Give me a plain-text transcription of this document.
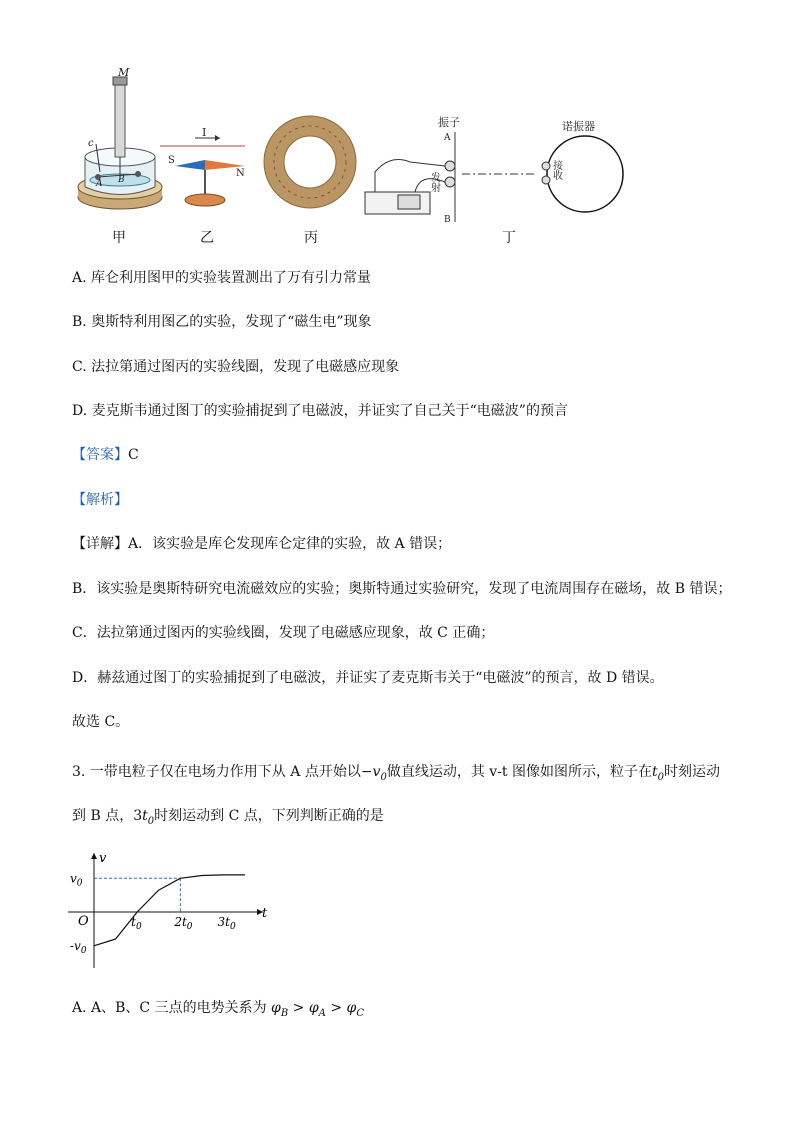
M
c
A B
甲
I
S
N
乙	丙
振子
A
B
发射
诺振器
接收
丁
A. 库仑利用图甲的实验装置测出了万有引力常量
B. 奥斯特利用图乙的实验，发现了“磁生电”现象
C. 法拉第通过图丙的实验线圈，发现了电磁感应现象
D. 麦克斯韦通过图丁的实验捕捉到了电磁波，并证实了自己关于“电磁波”的预言
【答案】C
【解析】
【详解】A．该实验是库仑发现库仑定律的实验，故 A 错误；
B．该实验是奥斯特研究电流磁效应的实验；奥斯特通过实验研究，发现了电流周围存在磁场，故 B 错误；
C．法拉第通过图丙的实验线圈，发现了电磁感应现象，故 C 正确；
D．赫兹通过图丁的实验捕捉到了电磁波，并证实了麦克斯韦关于“电磁波”的预言，故 D 错误。
故选 C。
3. 一带电粒子仅在电场力作用下从 A 点开始以$-v_0$做直线运动，其 v-t 图像如图所示，粒子在$t_0$时刻运动
到 B 点，$3t_0$时刻运动到 C 点，下列判断正确的是
t
v
O	$t_0$	$2t_0$ $3t_0$
$v_0$
$-v_0$
A. A、B、C 三点的电势关系为 $\varphi_B > \varphi_A > \varphi_C$
